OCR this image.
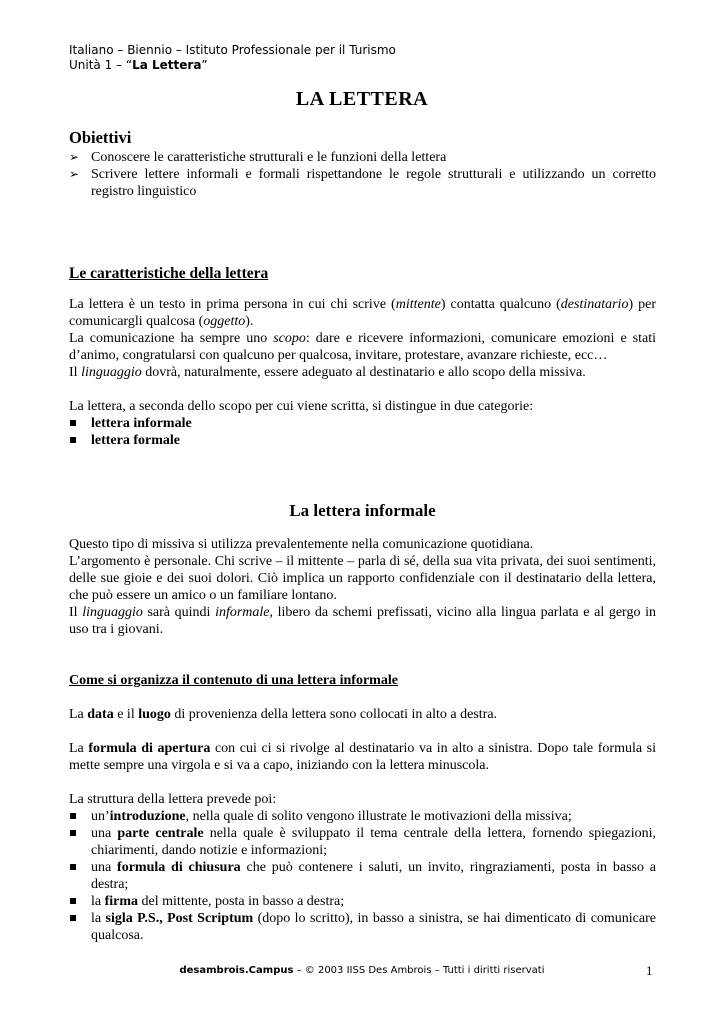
Italiano – Biennio – Istituto Professionale per il Turismo
Unità 1 – “La Lettera”
LA LETTERA
Obiettivi
➢ Conoscere le caratteristiche strutturali e le funzioni della lettera
➢ Scrivere lettere informali e formali rispettandone le regole strutturali e utilizzando un corretto registro linguistico
Le caratteristiche della lettera

La lettera è un testo in prima persona in cui chi scrive (mittente) contatta qualcuno (destinatario) per comunicargli qualcosa (oggetto).

La comunicazione ha sempre uno scopo: dare e ricevere informazioni, comunicare emozioni e stati d’animo, congratularsi con qualcuno per qualcosa, invitare, protestare, avanzare richieste, ecc…

Il linguaggio dovrà, naturalmente, essere adeguato al destinatario e allo scopo della missiva.

La lettera, a seconda dello scopo per cui viene scritta, si distingue in due categorie:

lettera informale
lettera formale
La lettera informale

Questo tipo di missiva si utilizza prevalentemente nella comunicazione quotidiana.

L’argomento è personale. Chi scrive – il mittente – parla di sé, della sua vita privata, dei suoi sentimenti, delle sue gioie e dei suoi dolori. Ciò implica un rapporto confidenziale con il destinatario della lettera, che può essere un amico o un familiare lontano.

Il linguaggio sarà quindi informale, libero da schemi prefissati, vicino alla lingua parlata e al gergo in uso tra i giovani.

Come si organizza il contenuto di una lettera informale

La data e il luogo di provenienza della lettera sono collocati in alto a destra.

La formula di apertura con cui ci si rivolge al destinatario va in alto a sinistra. Dopo tale formula si mette sempre una virgola e si va a capo, iniziando con la lettera minuscola.

La struttura della lettera prevede poi:

un’introduzione, nella quale di solito vengono illustrate le motivazioni della missiva;
una parte centrale nella quale è sviluppato il tema centrale della lettera, fornendo spiegazioni, chiarimenti, dando notizie e informazioni;
una formula di chiusura che può contenere i saluti, un invito, ringraziamenti, posta in basso a destra;
la firma del mittente, posta in basso a destra;
la sigla P.S., Post Scriptum (dopo lo scritto), in basso a sinistra, se hai dimenticato di comunicare qualcosa.
desambrois.Campus – © 2003 IISS Des Ambrois – Tutti i diritti riservati	1
